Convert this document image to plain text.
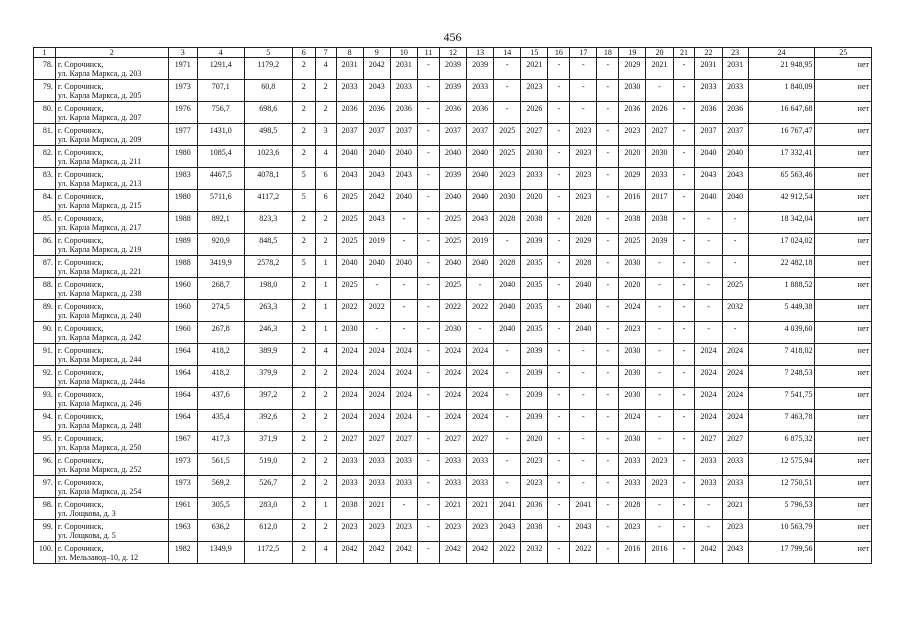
456
1	2	3	4	5	6	7	8	9	10	11	12	13	14	15	16	17	18	19	20	21	22	23	24	25
78.	г. Сорочинск,
ул. Карла Маркса, д. 203	1971	1291,4	1179,2	2	4	2031	2042	2031	-	2039	2039	-	2021	-	-	-	2029	2021	-	2031	2031	21 948,95	нет
79.	г. Сорочинск,
ул. Карла Маркса, д. 205	1973	707,1	60,8	2	2	2033	2043	2033	-	2039	2033	-	2023	-	-	-	2030	-	-	2033	2033	1 840,09	нет
80.	г. Сорочинск,
ул. Карла Маркса, д. 207	1976	756,7	698,6	2	2	2036	2036	2036	-	2036	2036	-	2026	-	-	-	2036	2026	-	2036	2036	16 647,68	нет
81.	г. Сорочинск,
ул. Карла Маркса, д. 209	1977	1431,0	498,5	2	3	2037	2037	2037	-	2037	2037	2025	2027	-	2023	-	2023	2027	-	2037	2037	16 767,47	нет
82.	г. Сорочинск,
ул. Карла Маркса, д. 211	1980	1085,4	1023,6	2	4	2040	2040	2040	-	2040	2040	2025	2030	-	2023	-	2020	2030	-	2040	2040	17 332,41	нет
83.	г. Сорочинск,
ул. Карла Маркса, д. 213	1983	4467,5	4078,1	5	6	2043	2043	2043	-	2039	2040	2023	2033	-	2023	-	2029	2033	-	2043	2043	65 563,46	нет
84.	г. Сорочинск,
ул. Карла Маркса, д. 215	1980	5711,6	4117,2	5	6	2025	2042	2040	-	2040	2040	2030	2020	-	2023	-	2016	2017	-	2040	2040	42 912,54	нет
85.	г. Сорочинск,
ул. Карла Маркса, д. 217	1988	892,1	823,3	2	2	2025	2043	-	-	2025	2043	2028	2038	-	2028	-	2038	2038	-	-	-	18 342,04	нет
86.	г. Сорочинск,
ул. Карла Маркса, д. 219	1989	920,9	848,5	2	2	2025	2019	-	-	2025	2019	-	2039	-	2029	-	2025	2039	-	-	-	17 024,02	нет
87.	г. Сорочинск,
ул. Карла Маркса, д. 221	1988	3419,9	2578,2	5	1	2040	2040	2040	-	2040	2040	2028	2035	-	2028	-	2030	-	-	-	-	22 482,18	нет
88.	г. Сорочинск,
ул. Карла Маркса, д. 238	1960	268,7	198,0	2	1	2025	-	-	-	2025	-	2040	2035	-	2040	-	2020	-	-	-	2025	1 888,52	нет
89.	г. Сорочинск,
ул. Карла Маркса, д. 240	1960	274,5	263,3	2	1	2022	2022	-	-	2022	2022	2040	2035	-	2040	-	2024	-	-	-	2032	5 449,38	нет
90.	г. Сорочинск,
ул. Карла Маркса, д. 242	1960	267,8	246,3	2	1	2030	-	-	-	2030	-	2040	2035	-	2040	-	2023	-	-	-	-	4 039,60	нет
91.	г. Сорочинск,
ул. Карла Маркса, д. 244	1964	418,2	389,9	2	4	2024	2024	2024	-	2024	2024	-	2039	-	-	-	2030	-	-	2024	2024	7 418,02	нет
92.	г. Сорочинск,
ул. Карла Маркса, д. 244а	1964	418,2	379,9	2	2	2024	2024	2024	-	2024	2024	-	2039	-	-	-	2030	-	-	2024	2024	7 248,53	нет
93.	г. Сорочинск,
ул. Карла Маркса, д. 246	1964	437,6	397,2	2	2	2024	2024	2024	-	2024	2024	-	2039	-	-	-	2030	-	-	2024	2024	7 541,75	нет
94.	г. Сорочинск,
ул. Карла Маркса, д. 248	1964	435,4	392,6	2	2	2024	2024	2024	-	2024	2024	-	2039	-	-	-	2024	-	-	2024	2024	7 463,78	нет
95.	г. Сорочинск,
ул. Карла Маркса, д. 250	1967	417,3	371,9	2	2	2027	2027	2027	-	2027	2027	-	2020	-	-	-	2030	-	-	2027	2027	6 875,32	нет
96.	г. Сорочинск,
ул. Карла Маркса, д. 252	1973	561,5	519,0	2	2	2033	2033	2033	-	2033	2033	-	2023	-	-	-	2033	2023	-	2033	2033	12 575,94	нет
97.	г. Сорочинск,
ул. Карла Маркса, д. 254	1973	569,2	526,7	2	2	2033	2033	2033	-	2033	2033	-	2023	-	-	-	2033	2023	-	2033	2033	12 750,51	нет
98.	г. Сорочинск,
ул. Лощкова, д. 3	1961	305,5	283,0	2	1	2038	2021	-	-	2021	2021	2041	2036	-	2041	-	2028	-	-	-	2021	5 796,53	нет
99.	г. Сорочинск,
ул. Лощкова, д. 5	1963	636,2	612,0	2	2	2023	2023	2023	-	2023	2023	2043	2038	-	2043	-	2023	-	-	-	2023	10 563,79	нет
100.	г. Сорочинск,
ул. Мельзавод–10, д. 12	1982	1349,9	1172,5	2	4	2042	2042	2042	-	2042	2042	2022	2032	-	2022	-	2016	2016	-	2042	2043	17 799,56	нет
